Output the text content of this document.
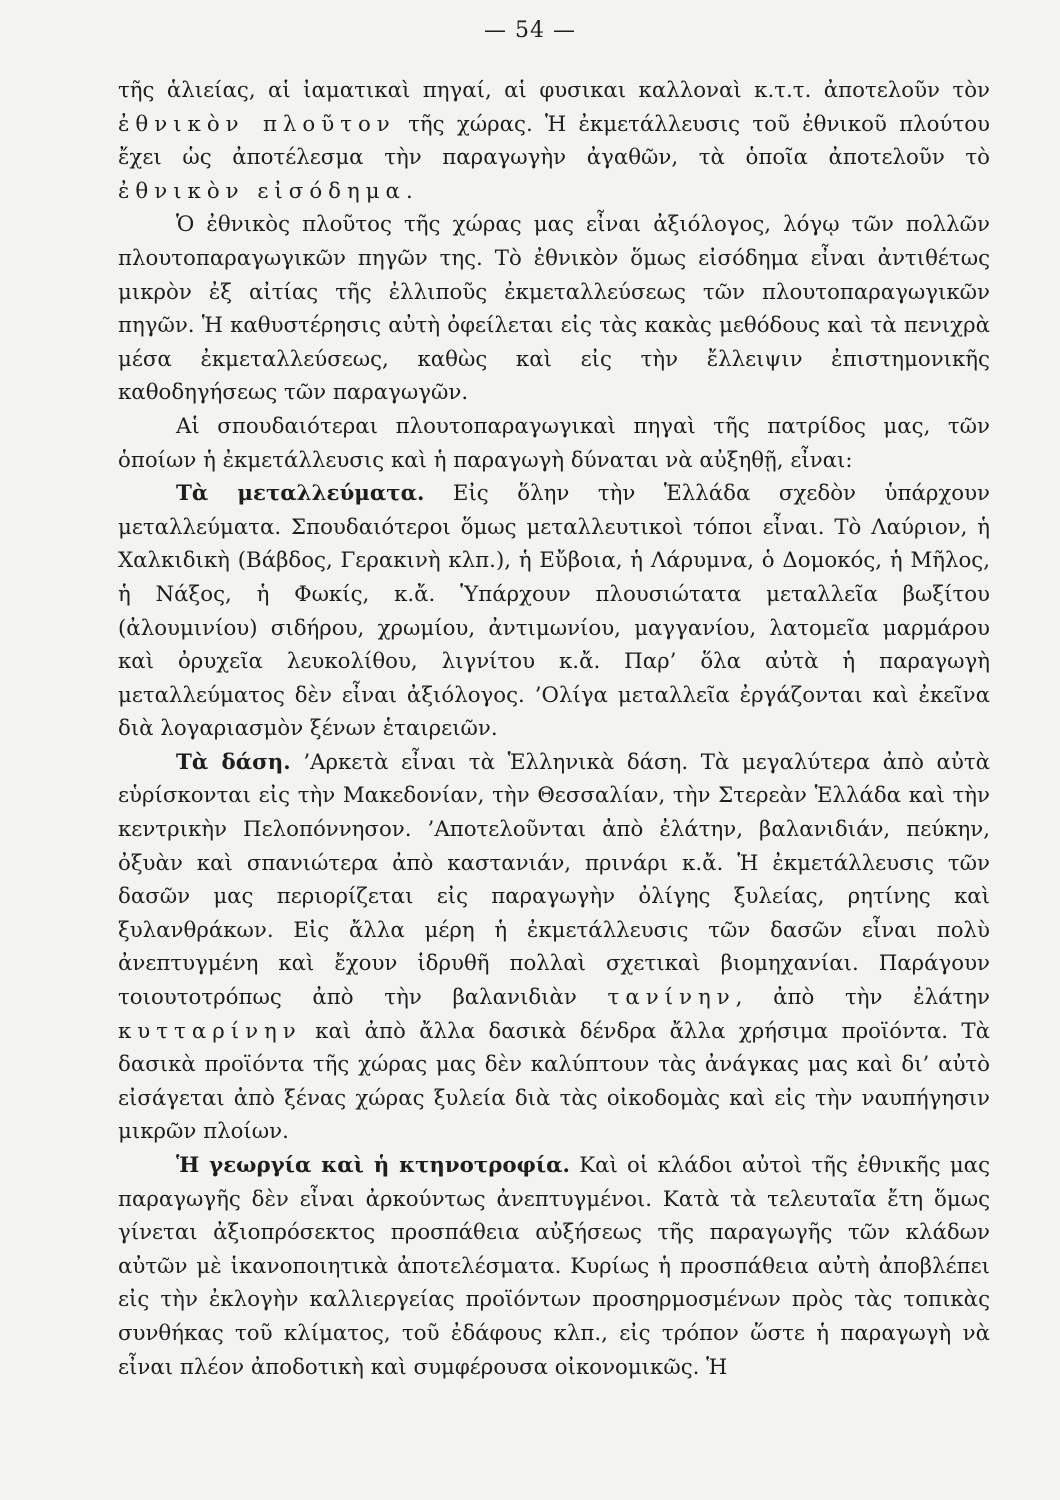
— 54 —

τῆς ἁλιείας, αἱ ἰαματικαὶ πηγαί, αἱ φυσικαι καλλοναὶ κ.τ.τ. ἀποτελοῦν τὸν ἐθνικὸν πλοῦτον τῆς χώρας. Ἡ ἐκμετάλλευσις τοῦ ἐθνικοῦ πλούτου ἔχει ὡς ἀποτέλεσμα τὴν παραγωγὴν ἀγαθῶν, τὰ ὁποῖα ἀποτελοῦν τὸ ἐθνικὸν εἰσόδημα.

Ὁ ἐθνικὸς πλοῦτος τῆς χώρας μας εἶναι ἀξιόλογος, λόγῳ τῶν πολλῶν πλουτοπαραγωγικῶν πηγῶν της. Τὸ ἐθνικὸν ὅμως εἰσόδημα εἶναι ἀντιθέτως μικρὸν ἐξ αἰτίας τῆς ἐλλιποῦς ἐκμεταλλεύσεως τῶν πλουτοπαραγωγικῶν πηγῶν. Ἡ καθυστέρησις αὐτὴ ὀφείλεται εἰς τὰς κακὰς μεθόδους καὶ τὰ πενιχρὰ μέσα ἐκμεταλλεύσεως, καθὼς καὶ εἰς τὴν ἔλλειψιν ἐπιστημονικῆς καθοδηγήσεως τῶν παραγωγῶν.

Αἱ σπουδαιότεραι πλουτοπαραγωγικαὶ πηγαὶ τῆς πατρίδος μας, τῶν ὁποίων ἡ ἐκμετάλλευσις καὶ ἡ παραγωγὴ δύναται νὰ αὐξηθῇ, εἶναι:

Τὰ μεταλλεύματα. Εἰς ὅλην τὴν Ἑλλάδα σχεδὸν ὑπάρχουν μεταλλεύματα. Σπουδαιότεροι ὅμως μεταλλευτικοὶ τόποι εἶναι. Τὸ Λαύριον, ἡ Χαλκιδικὴ (Βάβδος, Γερακινὴ κλπ.), ἡ Εὔβοια, ἡ Λάρυμνα, ὁ Δομοκός, ἡ Μῆλος, ἡ Νάξος, ἡ Φωκίς, κ.ἄ. Ὑπάρχουν πλουσιώτατα μεταλλεῖα βωξίτου (ἀλουμινίου) σιδήρου, χρωμίου, ἀντιμωνίου, μαγγανίου, λατομεῖα μαρμάρου καὶ ὀρυχεῖα λευκολίθου, λιγνίτου κ.ἄ. Παρ’ ὅλα αὐτὰ ἡ παραγωγὴ μεταλλεύματος δὲν εἶναι ἀξιόλογος. ’Ολίγα μεταλλεῖα ἐργάζονται καὶ ἐκεῖνα διὰ λογαριασμὸν ξένων ἑταιρειῶν.

Τὰ δάση. ’Αρκετὰ εἶναι τὰ Ἑλληνικὰ δάση. Τὰ μεγαλύτερα ἀπὸ αὐτὰ εὑρίσκονται εἰς τὴν Μακεδονίαν, τὴν Θεσσαλίαν, τὴν Στερεὰν Ἑλλάδα καὶ τὴν κεντρικὴν Πελοπόννησον. ’Αποτελοῦνται ἀπὸ ἐλάτην, βαλανιδιάν, πεύκην, ὀξυὰν καὶ σπανιώτερα ἀπὸ καστανιάν, πρινάρι κ.ἄ. Ἡ ἐκμετάλλευσις τῶν δασῶν μας περιορίζεται εἰς παραγωγὴν ὀλίγης ξυλείας, ρητίνης καὶ ξυλανθράκων. Εἰς ἄλλα μέρη ἡ ἐκμετάλλευσις τῶν δασῶν εἶναι πολὺ ἀνεπτυγμένη καὶ ἔχουν ἱδρυθῆ πολλαὶ σχετικαὶ βιομηχανίαι. Παράγουν τοιουτοτρόπως ἀπὸ τὴν βαλανιδιὰν τανίνην, ἀπὸ τὴν ἐλάτην κυτταρίνην καὶ ἀπὸ ἄλλα δασικὰ δένδρα ἄλλα χρήσιμα προϊόντα. Τὰ δασικὰ προϊόντα τῆς χώρας μας δὲν καλύπτουν τὰς ἀνάγκας μας καὶ δι’ αὐτὸ εἰσάγεται ἀπὸ ξένας χώρας ξυλεία διὰ τὰς οἰκοδομὰς καὶ εἰς τὴν ναυπήγησιν μικρῶν πλοίων.

Ἡ γεωργία καὶ ἡ κτηνοτροφία. Καὶ οἱ κλάδοι αὐτοὶ τῆς ἐθνικῆς μας παραγωγῆς δὲν εἶναι ἀρκούντως ἀνεπτυγμένοι. Κατὰ τὰ τελευταῖα ἔτη ὅμως γίνεται ἀξιοπρόσεκτος προσπάθεια αὐξήσεως τῆς παραγωγῆς τῶν κλάδων αὐτῶν μὲ ἱκανοποιητικὰ ἀποτελέσματα. Κυρίως ἡ προσπάθεια αὐτὴ ἀποβλέπει εἰς τὴν ἐκλογὴν καλλιεργείας προϊόντων προσηρμοσμένων πρὸς τὰς τοπικὰς συνθήκας τοῦ κλίματος, τοῦ ἐδάφους κλπ., εἰς τρόπον ὥστε ἡ παραγωγὴ νὰ εἶναι πλέον ἀποδοτικὴ καὶ συμφέρουσα οἰκονομικῶς. Ἡ
